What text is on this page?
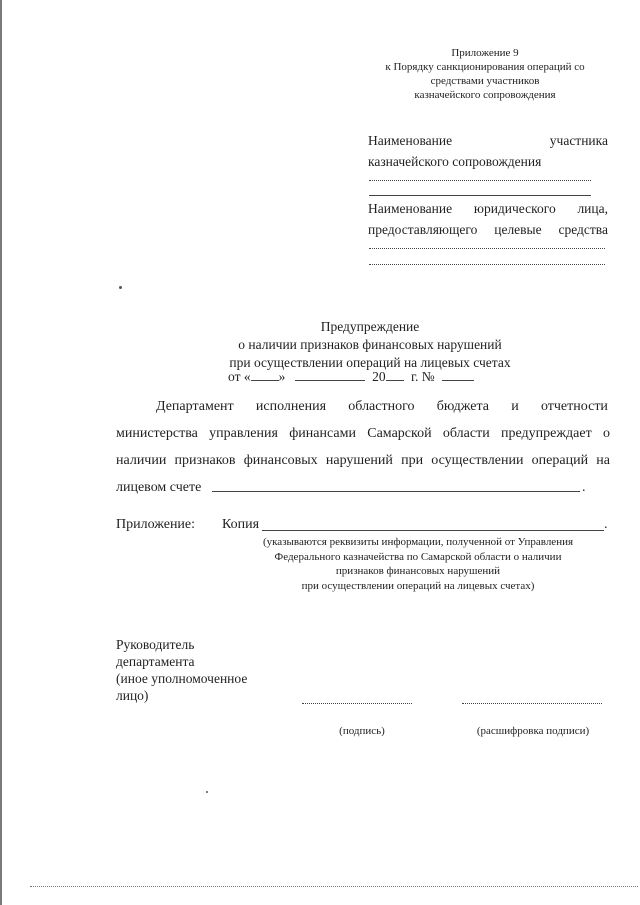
Приложение 9
к Порядку санкционирования операций со
средствами участников
казначейского сопровождения
Наименование	участника
казначейского сопровождения
Наименование юридического лица,
предоставляющего целевые средства
Предупреждение
о наличии признаков финансовых нарушений
при осуществлении операций на лицевых счетах
от « »	20 г. №
Департамент исполнения областного бюджета и отчетности
министерства управления финансами Самарской области предупреждает о
наличии признаков финансовых нарушений при осуществлении операций на
лицевом счете	.
Приложение: Копия	.
(указываются реквизиты информации, полученной от Управления
Федерального казначейства по Самарской области о наличии
признаков финансовых нарушений
при осуществлении операций на лицевых счетах)
Руководитель
департамента
(иное уполномоченное
лицо)
(подпись)	(расшифровка подписи)
